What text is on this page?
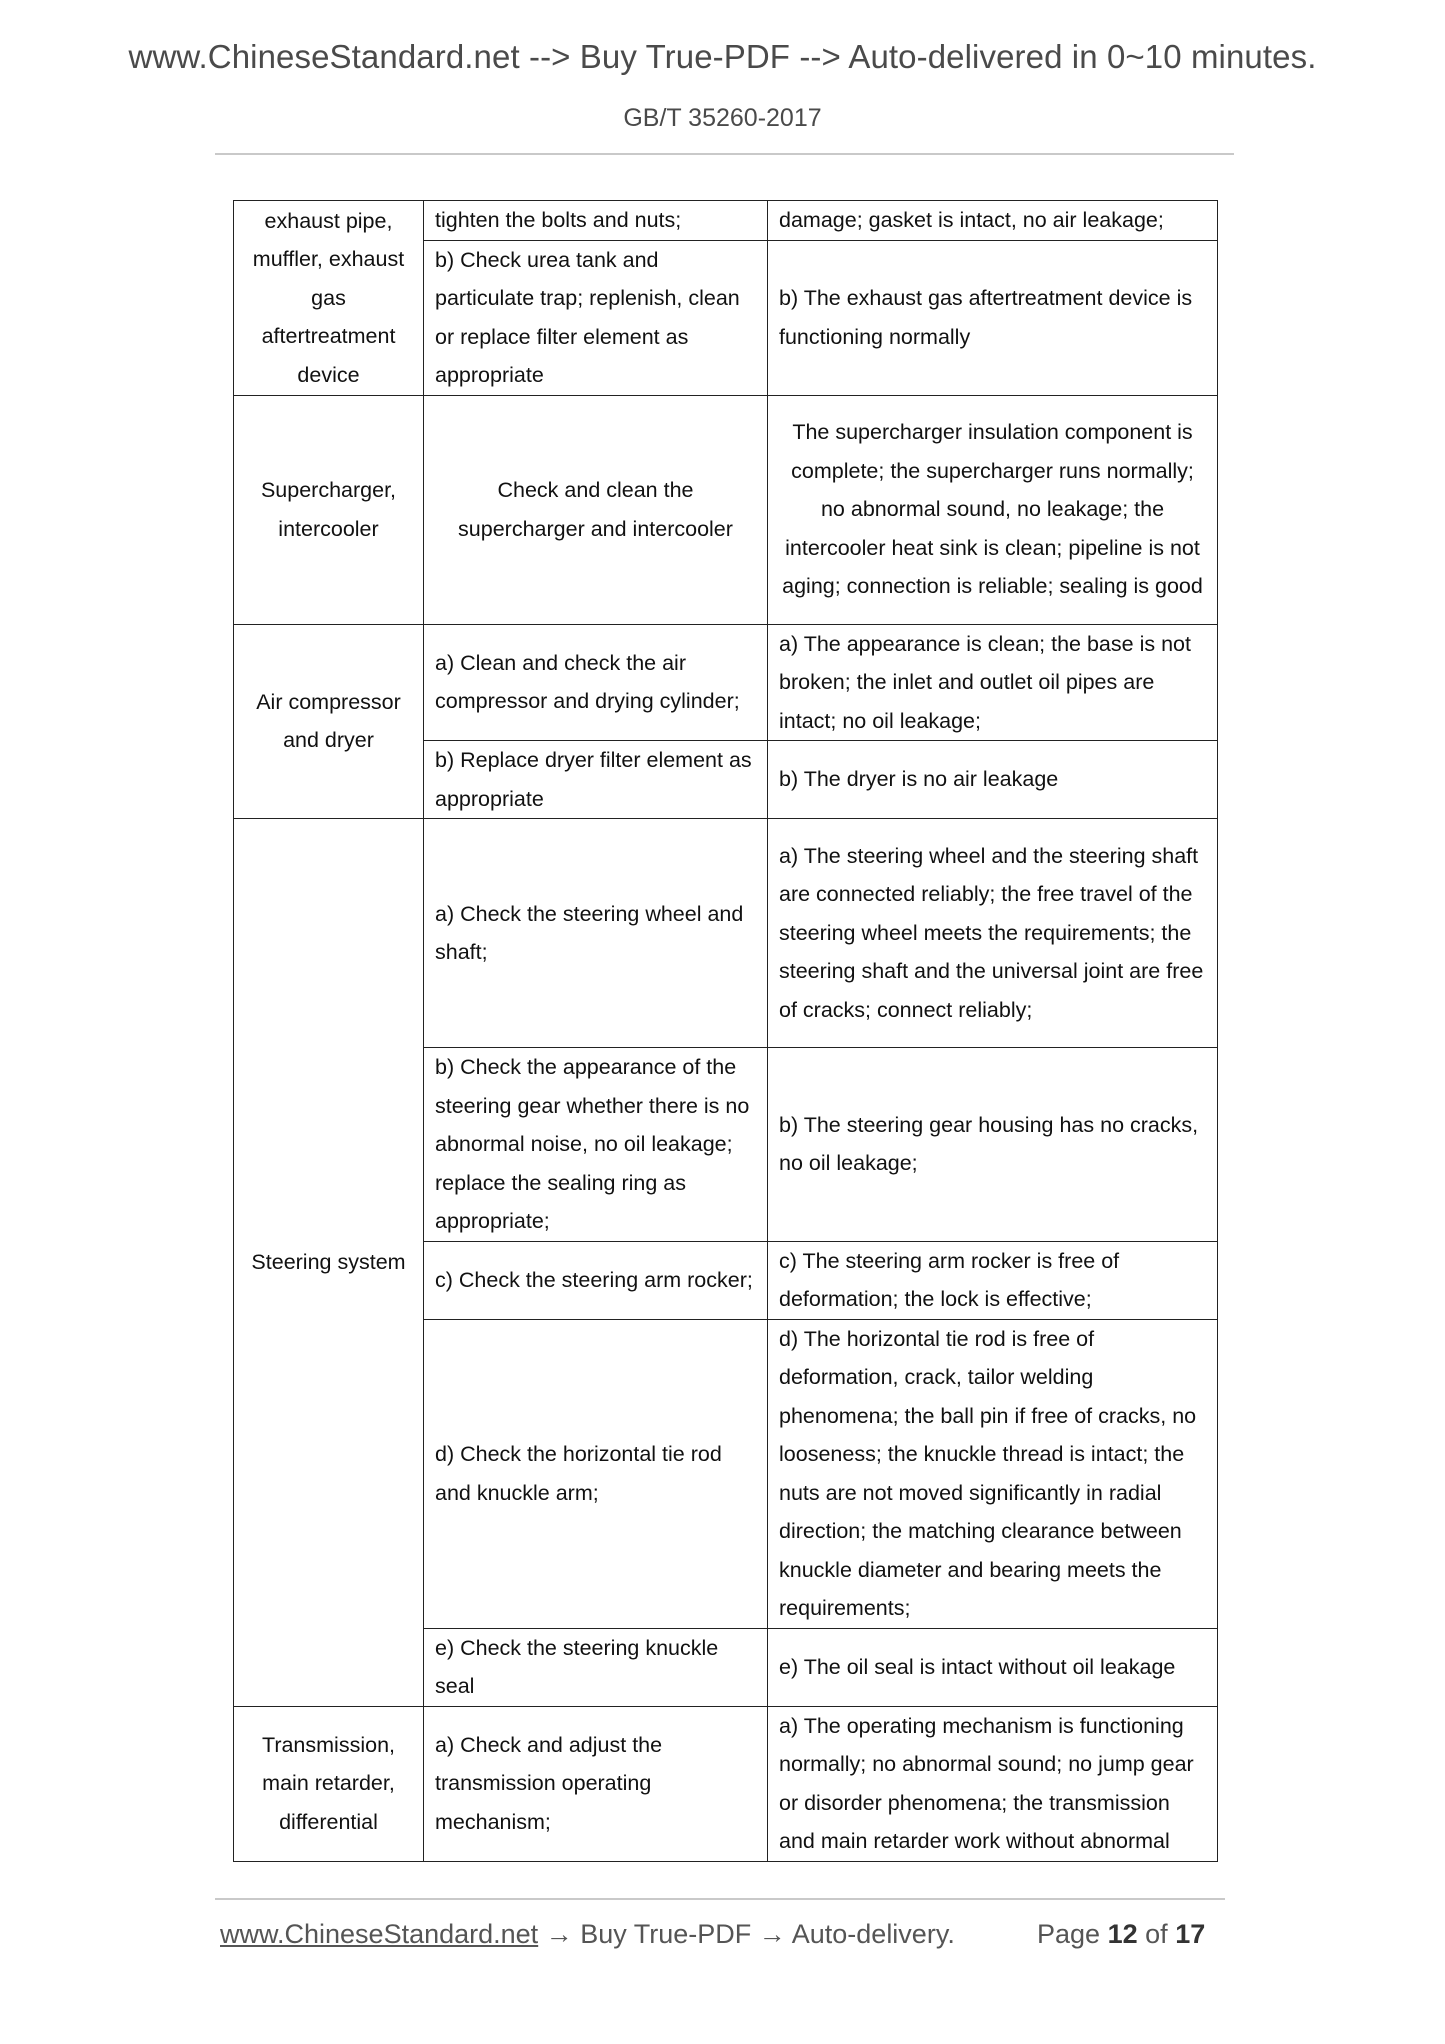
www.ChineseStandard.net --> Buy True-PDF --> Auto-delivered in 0~10 minutes.
GB/T 35260-2017
exhaust pipe, muffler, exhaust gas aftertreatment device	tighten the bolts and nuts;	damage; gasket is intact, no air leakage;
	b) Check urea tank and particulate trap; replenish, clean or replace filter element as appropriate	b) The exhaust gas aftertreatment device is functioning normally
Supercharger, intercooler	Check and clean the supercharger and intercooler	The supercharger insulation component is complete; the supercharger runs normally; no abnormal sound, no leakage; the intercooler heat sink is clean; pipeline is not aging; connection is reliable; sealing is good
Air compressor and dryer	a) Clean and check the air compressor and drying cylinder;	a) The appearance is clean; the base is not broken; the inlet and outlet oil pipes are intact; no oil leakage;
	b) Replace dryer filter element as appropriate	b) The dryer is no air leakage
Steering system	a) Check the steering wheel and shaft;	a) The steering wheel and the steering shaft are connected reliably; the free travel of the steering wheel meets the requirements; the steering shaft and the universal joint are free of cracks; connect reliably;
	b) Check the appearance of the steering gear whether there is no abnormal noise, no oil leakage; replace the sealing ring as appropriate;	b) The steering gear housing has no cracks, no oil leakage;
	c) Check the steering arm rocker;	c) The steering arm rocker is free of deformation; the lock is effective;
	d) Check the horizontal tie rod and knuckle arm;	d) The horizontal tie rod is free of deformation, crack, tailor welding phenomena; the ball pin if free of cracks, no looseness; the knuckle thread is intact; the nuts are not moved significantly in radial direction; the matching clearance between knuckle diameter and bearing meets the requirements;
	e) Check the steering knuckle seal	e) The oil seal is intact without oil leakage
Transmission, main retarder, differential	a) Check and adjust the transmission operating mechanism;	a) The operating mechanism is functioning normally; no abnormal sound; no jump gear or disorder phenomena; the transmission and main retarder work without abnormal
www.ChineseStandard.net → Buy True-PDF → Auto-delivery.	Page 12 of 17
